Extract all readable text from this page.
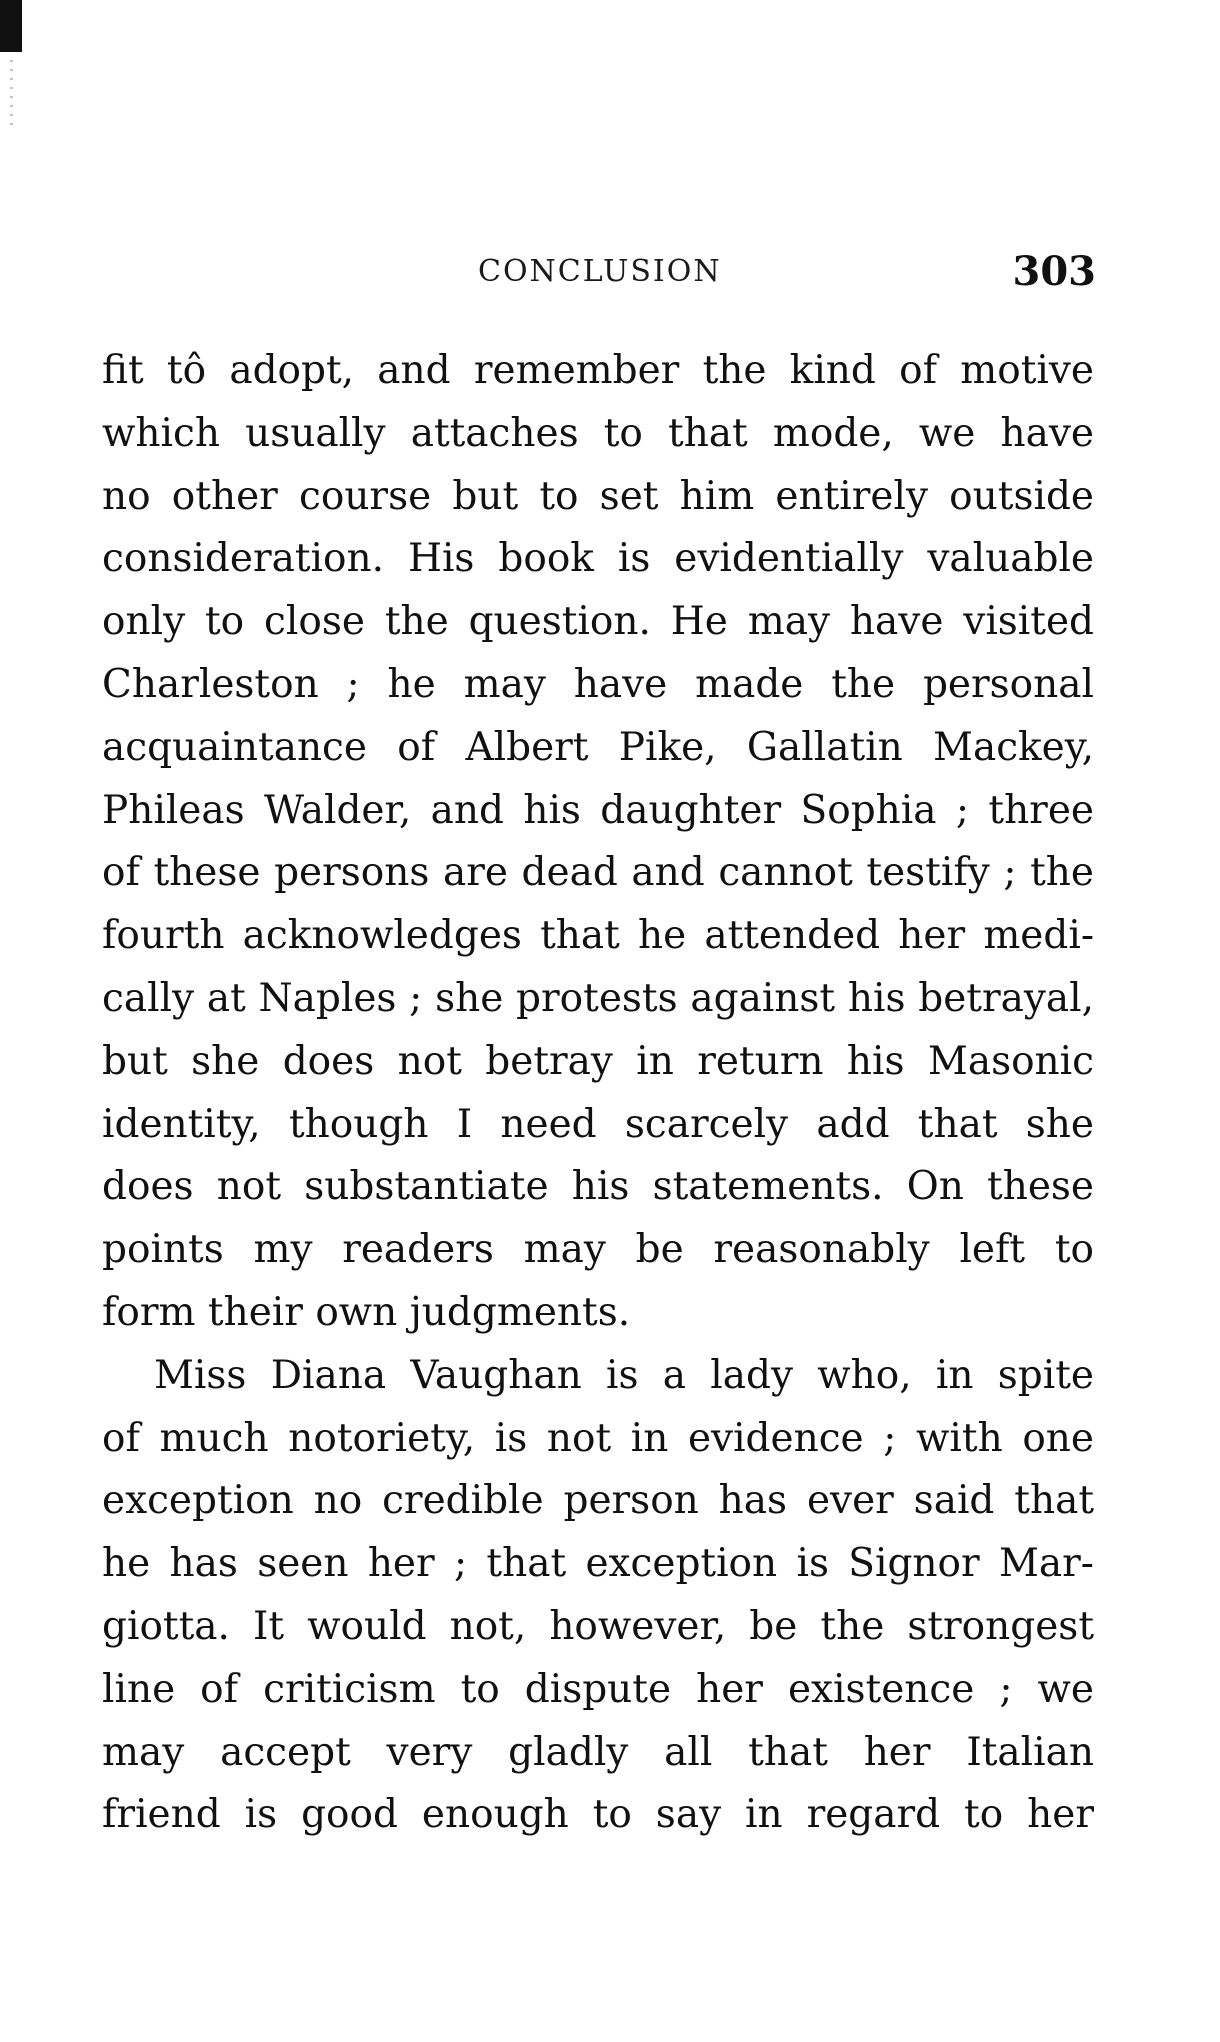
CONCLUSION	303
fit tô adopt, and remember the kind of motive
which usually attaches to that mode, we have
no other course but to set him entirely outside
consideration. His book is evidentially valuable
only to close the question. He may have visited
Charleston ; he may have made the personal
acquaintance of Albert Pike, Gallatin Mackey,
Phileas Walder, and his daughter Sophia ; three
of these persons are dead and cannot testify ; the
fourth acknowledges that he attended her medi-
cally at Naples ; she protests against his betrayal,
but she does not betray in return his Masonic
identity, though I need scarcely add that she
does not substantiate his statements. On these
points my readers may be reasonably left to
form their own judgments.
Miss Diana Vaughan is a lady who, in spite
of much notoriety, is not in evidence ; with one
exception no credible person has ever said that
he has seen her ; that exception is Signor Mar-
giotta. It would not, however, be the strongest
line of criticism to dispute her existence ; we
may accept very gladly all that her Italian
friend is good enough to say in regard to her
